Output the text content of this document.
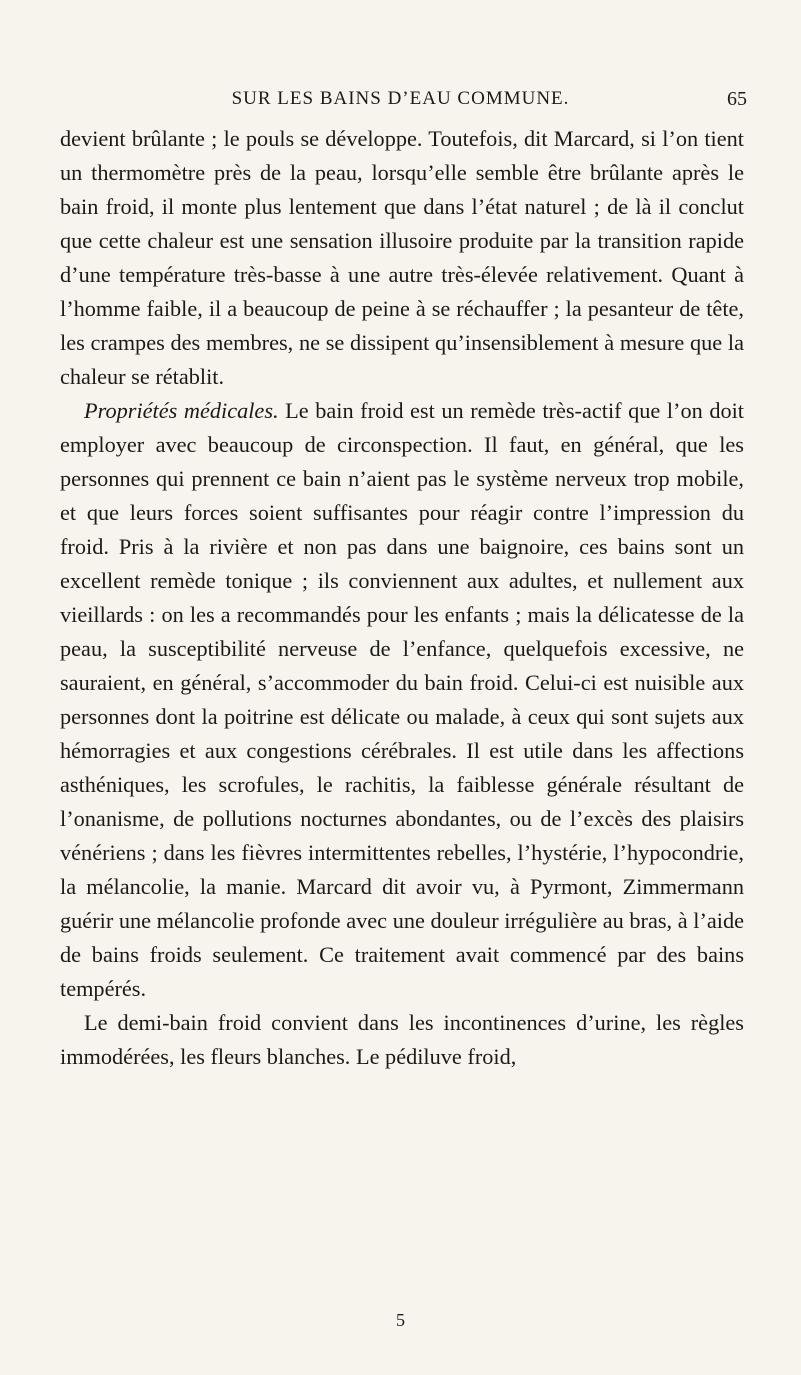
SUR LES BAINS D’EAU COMMUNE.	65

devient brûlante ; le pouls se développe. Toutefois, dit Marcard, si l’on tient un thermomètre près de la peau, lorsqu’elle semble être brûlante après le bain froid, il monte plus lentement que dans l’état naturel ; de là il conclut que cette chaleur est une sensation illusoire produite par la transition rapide d’une température très-basse à une autre très-élevée relativement. Quant à l’homme faible, il a beaucoup de peine à se réchauffer ; la pesanteur de tête, les crampes des membres, ne se dissipent qu’insensiblement à mesure que la chaleur se rétablit.

Propriétés médicales. Le bain froid est un remède très-actif que l’on doit employer avec beaucoup de circonspection. Il faut, en général, que les personnes qui prennent ce bain n’aient pas le système nerveux trop mobile, et que leurs forces soient suffisantes pour réagir contre l’impression du froid. Pris à la rivière et non pas dans une baignoire, ces bains sont un excellent remède tonique ; ils conviennent aux adultes, et nullement aux vieillards : on les a recommandés pour les enfants ; mais la délicatesse de la peau, la susceptibilité nerveuse de l’enfance, quelquefois excessive, ne sauraient, en général, s’accommoder du bain froid. Celui-ci est nuisible aux personnes dont la poitrine est délicate ou malade, à ceux qui sont sujets aux hémorragies et aux congestions cérébrales. Il est utile dans les affections asthéniques, les scrofules, le rachitis, la faiblesse générale résultant de l’onanisme, de pollutions nocturnes abondantes, ou de l’excès des plaisirs vénériens ; dans les fièvres intermittentes rebelles, l’hystérie, l’hypocondrie, la mélancolie, la manie. Marcard dit avoir vu, à Pyrmont, Zimmermann guérir une mélancolie profonde avec une douleur irrégulière au bras, à l’aide de bains froids seulement. Ce traitement avait commencé par des bains tempérés.

Le demi-bain froid convient dans les incontinences d’urine, les règles immodérées, les fleurs blanches. Le pédiluve froid,

5
